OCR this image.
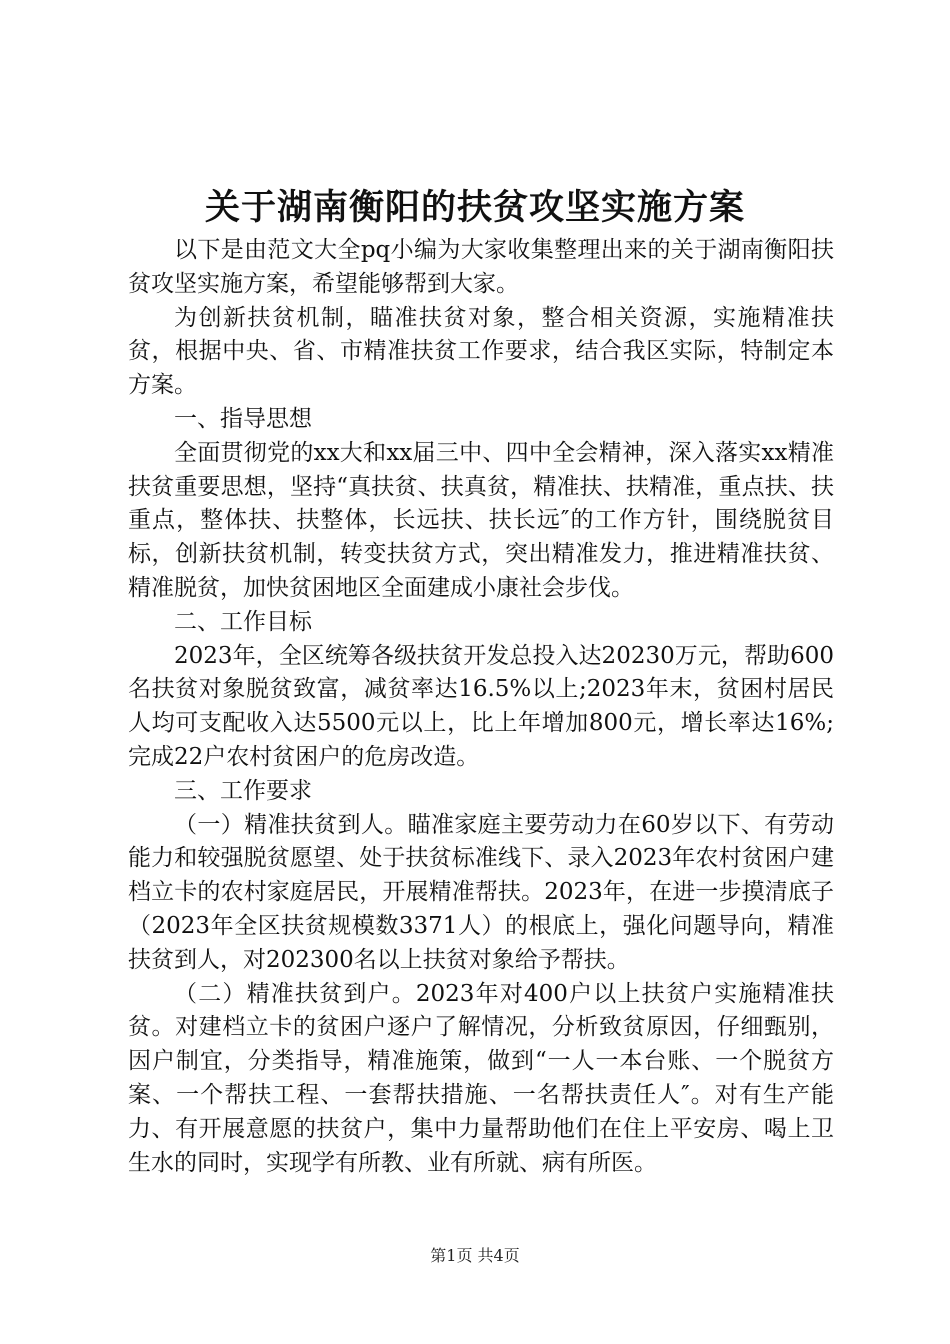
关于湖南衡阳的扶贫攻坚实施方案

以下是由范文大全pq小编为大家收集整理出来的关于湖南衡阳扶贫攻坚实施方案，希望能够帮到大家。

为创新扶贫机制，瞄准扶贫对象，整合相关资源，实施精准扶贫，根据中央、省、市精准扶贫工作要求，结合我区实际，特制定本方案。

一、指导思想

全面贯彻党的xx大和xx届三中、四中全会精神，深入落实xx精准扶贫重要思想，坚持“真扶贫、扶真贫，精准扶、扶精准，重点扶、扶重点，整体扶、扶整体，长远扶、扶长远″的工作方针，围绕脱贫目标，创新扶贫机制，转变扶贫方式，突出精准发力，推进精准扶贫、精准脱贫，加快贫困地区全面建成小康社会步伐。

二、工作目标

2023年，全区统筹各级扶贫开发总投入达20230万元，帮助600名扶贫对象脱贫致富，减贫率达16.5%以上;2023年末，贫困村居民人均可支配收入达5500元以上，比上年增加800元，增长率达16%;完成22户农村贫困户的危房改造。

三、工作要求

（一）精准扶贫到人。瞄准家庭主要劳动力在60岁以下、有劳动能力和较强脱贫愿望、处于扶贫标准线下、录入2023年农村贫困户建档立卡的农村家庭居民，开展精准帮扶。2023年，在进一步摸清底子（2023年全区扶贫规模数3371人）的根底上，强化问题导向，精准扶贫到人，对202300名以上扶贫对象给予帮扶。

（二）精准扶贫到户。2023年对400户以上扶贫户实施精准扶贫。对建档立卡的贫困户逐户了解情况，分析致贫原因，仔细甄别，因户制宜，分类指导，精准施策，做到“一人一本台账、一个脱贫方案、一个帮扶工程、一套帮扶措施、一名帮扶责任人″。对有生产能力、有开展意愿的扶贫户，集中力量帮助他们在住上平安房、喝上卫生水的同时，实现学有所教、业有所就、病有所医。

第1页 共4页
